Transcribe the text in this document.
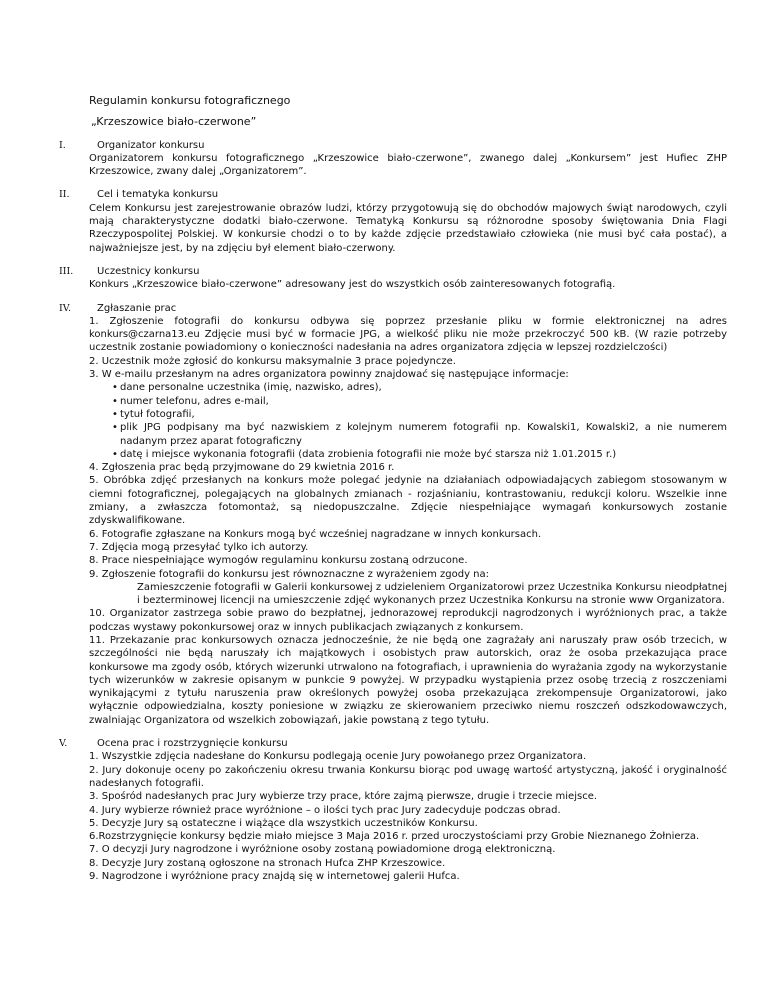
Regulamin konkursu fotograficznego
„Krzeszowice biało-czerwone”
I.	Organizator konkursu
Organizatorem konkursu fotograficznego „Krzeszowice biało-czerwone”, zwanego dalej „Konkursem” jest Hufiec ZHP Krzeszowice, zwany dalej „Organizatorem”.
II.	Cel i tematyka konkursu
Celem Konkursu jest zarejestrowanie obrazów ludzi, którzy przygotowują się do obchodów majowych świąt narodowych, czyli mają charakterystyczne dodatki biało-czerwone. Tematyką Konkursu są różnorodne sposoby świętowania Dnia Flagi Rzeczypospolitej Polskiej. W konkursie chodzi o to by każde zdjęcie przedstawiało człowieka (nie musi być cała postać), a najważniejsze jest, by na zdjęciu był element biało-czerwony.
III.	Uczestnicy konkursu
Konkurs „Krzeszowice biało-czerwone” adresowany jest do wszystkich osób zainteresowanych fotografią.
IV.	Zgłaszanie prac
1. Zgłoszenie fotografii do konkursu odbywa się poprzez przesłanie pliku w formie elektronicznej na adres konkurs@czarna13.eu Zdjęcie musi być w formacie JPG, a wielkość pliku nie może przekroczyć 500 kB. (W razie potrzeby uczestnik zostanie powiadomiony o konieczności nadesłania na adres organizatora zdjęcia w lepszej rozdzielczości)
2. Uczestnik może zgłosić do konkursu maksymalnie 3 prace pojedyncze.
3. W e-mailu przesłanym na adres organizatora powinny znajdować się następujące informacje:
• dane personalne uczestnika (imię, nazwisko, adres),
• numer telefonu, adres e-mail,
• tytuł fotografii,
• plik JPG podpisany ma być nazwiskiem z kolejnym numerem fotografii np. Kowalski1, Kowalski2, a nie numerem nadanym przez aparat fotograficzny
• datę i miejsce wykonania fotografii (data zrobienia fotografii nie może być starsza niż 1.01.2015 r.)
4. Zgłoszenia prac będą przyjmowane do 29 kwietnia 2016 r.
5. Obróbka zdjęć przesłanych na konkurs może polegać jedynie na działaniach odpowiadających zabiegom stosowanym w ciemni fotograficznej, polegających na globalnych zmianach - rozjaśnianiu, kontrastowaniu, redukcji koloru. Wszelkie inne zmiany, a zwłaszcza fotomontaż, są niedopuszczalne. Zdjęcie niespełniające wymagań konkursowych zostanie zdyskwalifikowane.
6. Fotografie zgłaszane na Konkurs mogą być wcześniej nagradzane w innych konkursach.
7. Zdjęcia mogą przesyłać tylko ich autorzy.
8. Prace niespełniające wymogów regulaminu konkursu zostaną odrzucone.
9. Zgłoszenie fotografii do konkursu jest równoznaczne z wyrażeniem zgody na:
Zamieszczenie fotografii w Galerii konkursowej z udzieleniem Organizatorowi przez Uczestnika Konkursu nieodpłatnej i bezterminowej licencji na umieszczenie zdjęć wykonanych przez Uczestnika Konkursu na stronie www Organizatora.
10. Organizator zastrzega sobie prawo do bezpłatnej, jednorazowej reprodukcji nagrodzonych i wyróżnionych prac, a także podczas wystawy pokonkursowej oraz w innych publikacjach związanych z konkursem.
11. Przekazanie prac konkursowych oznacza jednocześnie, że nie będą one zagrażały ani naruszały praw osób trzecich, w szczególności nie będą naruszały ich majątkowych i osobistych praw autorskich, oraz że osoba przekazująca prace konkursowe ma zgody osób, których wizerunki utrwalono na fotografiach, i uprawnienia do wyrażania zgody na wykorzystanie tych wizerunków w zakresie opisanym w punkcie 9 powyżej. W przypadku wystąpienia przez osobę trzecią z roszczeniami wynikającymi z tytułu naruszenia praw określonych powyżej osoba przekazująca zrekompensuje Organizatorowi, jako wyłącznie odpowiedzialna, koszty poniesione w związku ze skierowaniem przeciwko niemu roszczeń odszkodowawczych, zwalniając Organizatora od wszelkich zobowiązań, jakie powstaną z tego tytułu.
V.	Ocena prac i rozstrzygnięcie konkursu
1. Wszystkie zdjęcia nadesłane do Konkursu podlegają ocenie Jury powołanego przez Organizatora.
2. Jury dokonuje oceny po zakończeniu okresu trwania Konkursu biorąc pod uwagę wartość artystyczną, jakość i oryginalność nadesłanych fotografii.
3. Spośród nadesłanych prac Jury wybierze trzy prace, które zajmą pierwsze, drugie i trzecie miejsce.
4. Jury wybierze również prace wyróżnione – o ilości tych prac Jury zadecyduje podczas obrad.
5. Decyzje Jury są ostateczne i wiążące dla wszystkich uczestników Konkursu.
6.Rozstrzygnięcie konkursy będzie miało miejsce 3 Maja 2016 r. przed uroczystościami przy Grobie Nieznanego Żołnierza.
7. O decyzji Jury nagrodzone i wyróżnione osoby zostaną powiadomione drogą elektroniczną.
8. Decyzje Jury zostaną ogłoszone na stronach Hufca ZHP Krzeszowice.
9. Nagrodzone i wyróżnione pracy znajdą się w internetowej galerii Hufca.
